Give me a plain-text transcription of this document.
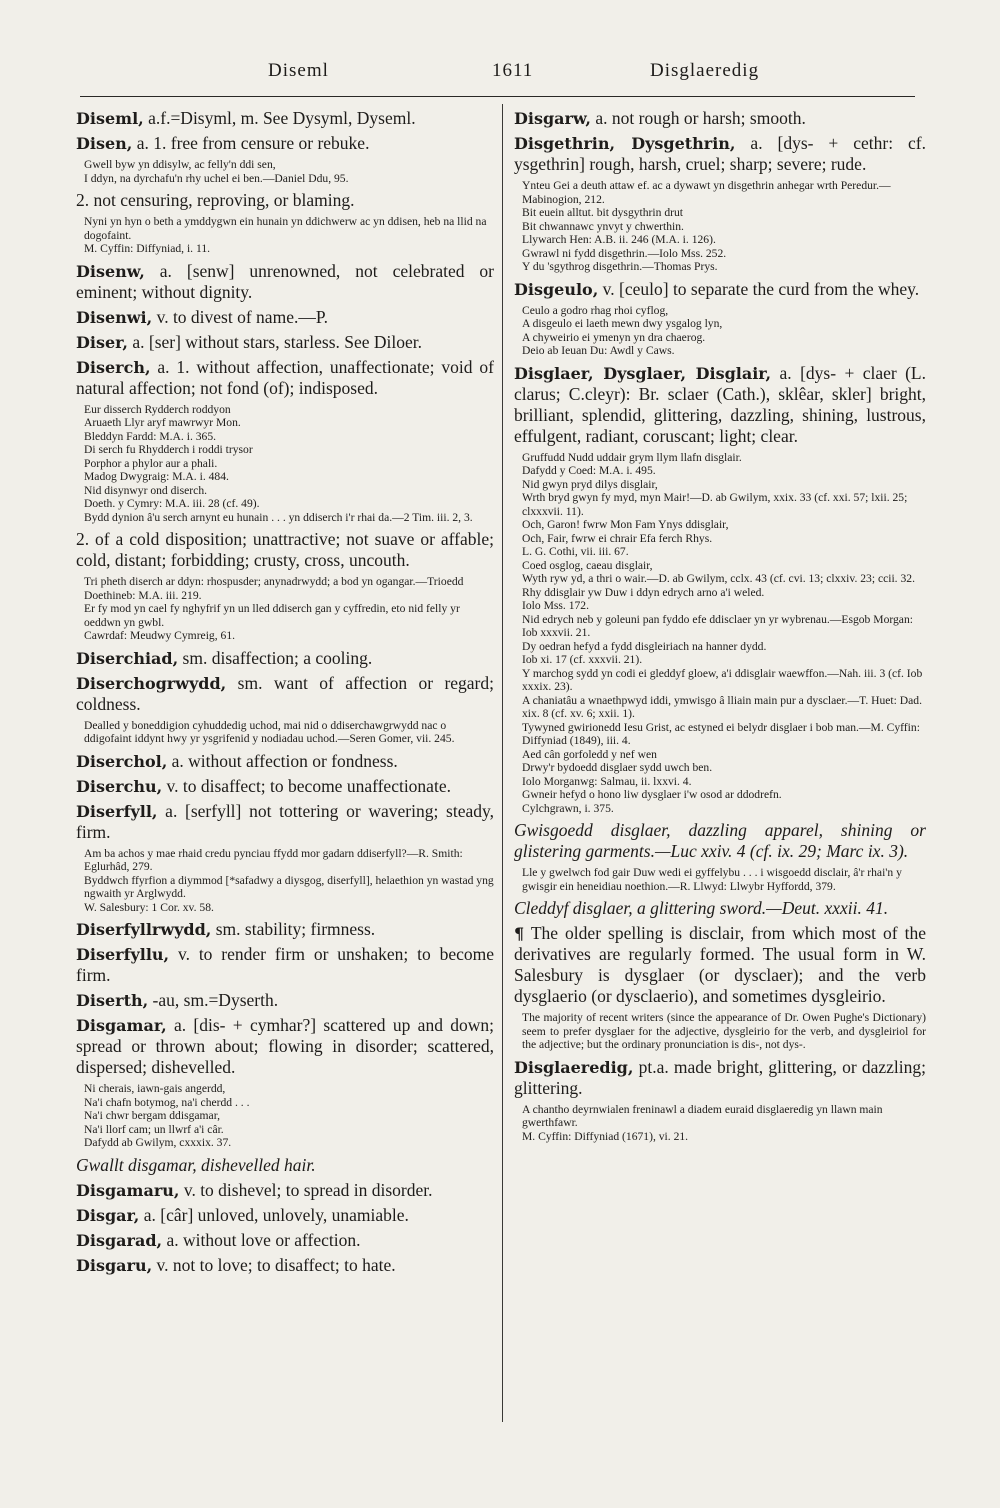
Diseml	1611	Disglaeredig
Diseml, a.f.=Disyml, m. See Dysyml, Dyseml.
Disen, a. 1. free from censure or rebuke.
Gwell byw yn ddisylw, ac felly'n ddi sen,
I ddyn, na dyrchafu'n rhy uchel ei ben.—Daniel Ddu, 95.
2. not censuring, reproving, or blaming.
Nyni yn hyn o beth a ymddygwn ein hunain yn ddichwerw ac yn ddisen, heb na llid na dogofaint.
M. Cyffin: Diffyniad, i. 11.
Disenw, a. [senw] unrenowned, not celebrated or eminent; without dignity.
Disenwi, v. to divest of name.—P.
Diser, a. [ser] without stars, starless. See Diloer.
Diserch, a. 1. without affection, unaffectionate; void of natural affection; not fond (of); indisposed.
Eur disserch Rydderch roddyon
Aruaeth Llyr aryf mawrwyr Mon.
Bleddyn Fardd: M.A. i. 365.
Di serch fu Rhydderch i roddi trysor
Porphor a phylor aur a phali.
Madog Dwygraig: M.A. i. 484.
Nid disynwyr ond diserch.
Doeth. y Cymry: M.A. iii. 28 (cf. 49).
Bydd dynion â'u serch arnynt eu hunain . . . yn ddiserch i'r rhai da.—2 Tim. iii. 2, 3.
2. of a cold disposition; unattractive; not suave or affable; cold, distant; forbidding; crusty, cross, uncouth.
Tri pheth diserch ar ddyn: rhospusder; anynadrwydd; a bod yn ogangar.—Trioedd Doethineb: M.A. iii. 219.
Er fy mod yn cael fy nghyfrif yn un lled ddiserch gan y cyffredin, eto nid felly yr oeddwn yn gwbl.
Cawrdaf: Meudwy Cymreig, 61.
Diserchiad, sm. disaffection; a cooling.
Diserchogrwydd, sm. want of affection or regard; coldness.
Dealled y boneddigion cyhuddedig uchod, mai nid o ddiserchawgrwydd nac o ddigofaint iddynt hwy yr ysgrifenid y nodiadau uchod.—Seren Gomer, vii. 245.
Diserchol, a. without affection or fondness.
Diserchu, v. to disaffect; to become unaffectionate.
Diserfyll, a. [serfyll] not tottering or wavering; steady, firm.
Am ba achos y mae rhaid credu pynciau ffydd mor gadarn ddiserfyll?—R. Smith: Eglurhâd, 279.
Byddwch ffyrfion a diymmod [*safadwy a diysgog, diserfyll], helaethion yn wastad yng ngwaith yr Arglwydd.
W. Salesbury: 1 Cor. xv. 58.
Diserfyllrwydd, sm. stability; firmness.
Diserfyllu, v. to render firm or unshaken; to become firm.
Diserth, -au, sm.=Dyserth.
Disgamar, a. [dis- + cymhar?] scattered up and down; spread or thrown about; flowing in disorder; scattered, dispersed; dishevelled.
Ni cherais, iawn-gais angerdd,
Na'i chafn botymog, na'i cherdd . . .
Na'i chwr bergam ddisgamar,
Na'i llorf cam; un llwrf a'i câr.
Dafydd ab Gwilym, cxxxix. 37.
Gwallt disgamar, dishevelled hair.
Disgamaru, v. to dishevel; to spread in disorder.
Disgar, a. [câr] unloved, unlovely, unamiable.
Disgarad, a. without love or affection.
Disgaru, v. not to love; to disaffect; to hate.
Disgarw, a. not rough or harsh; smooth.
Disgethrin, Dysgethrin, a. [dys- + cethr: cf. ysgethrin] rough, harsh, cruel; sharp; severe; rude.
Ynteu Gei a deuth attaw ef. ac a dywawt yn disgethrin anhegar wrth Peredur.—Mabinogion, 212.
Bit euein alltut. bit dysgythrin drut
Bit chwannawc ynvyt y chwerthin.
Llywarch Hen: A.B. ii. 246 (M.A. i. 126).
Gwrawl ni fydd disgethrin.—Iolo Mss. 252.
Y du 'sgythrog disgethrin.—Thomas Prys.
Disgeulo, v. [ceulo] to separate the curd from the whey.
Ceulo a godro rhag rhoi cyflog,
A disgeulo ei laeth mewn dwy ysgalog lyn,
A chyweirio ei ymenyn yn dra chaerog.
Deio ab Ieuan Du: Awdl y Caws.
Disglaer, Dysglaer, Disglair, a. [dys- + claer (L. clarus; C.cleyr): Br. sclaer (Cath.), sklêar, skler] bright, brilliant, splendid, glittering, dazzling, shining, lustrous, effulgent, radiant, coruscant; light; clear.
Gruffudd Nudd uddair grym llym llafn disglair.
Dafydd y Coed: M.A. i. 495.
Nid gwyn pryd dilys disglair,
Wrth bryd gwyn fy myd, myn Mair!—D. ab Gwilym, xxix. 33 (cf. xxi. 57; lxii. 25; clxxxvii. 11).
Och, Garon! fwrw Mon Fam Ynys ddisglair,
Och, Fair, fwrw ei chrair Efa ferch Rhys.
L. G. Cothi, vii. iii. 67.
Coed osglog, caeau disglair,
Wyth ryw yd, a thri o wair.—D. ab Gwilym, cclx. 43 (cf. cvi. 13; clxxiv. 23; ccii. 32.
Rhy ddisglair yw Duw i ddyn edrych arno a'i weled.
Iolo Mss. 172.
Nid edrych neb y goleuni pan fyddo efe ddisclaer yn yr wybrenau.—Esgob Morgan: Iob xxxvii. 21.
Dy oedran hefyd a fydd disgleiriach na hanner dydd.
Iob xi. 17 (cf. xxxvii. 21).
Y marchog sydd yn codi ei gleddyf gloew, a'i ddisglair waewffon.—Nah. iii. 3 (cf. Iob xxxix. 23).
A chaniatâu a wnaethpwyd iddi, ymwisgo â lliain main pur a dysclaer.—T. Huet: Dad. xix. 8 (cf. xv. 6; xxii. 1).
Tywyned gwirionedd Iesu Grist, ac estyned ei belydr disglaer i bob man.—M. Cyffin: Diffyniad (1849), iii. 4.
Aed cân gorfoledd y nef wen
Drwy'r bydoedd disglaer sydd uwch ben.
Iolo Morganwg: Salmau, ii. lxxvi. 4.
Gwneir hefyd o hono liw dysglaer i'w osod ar ddodrefn.
Cylchgrawn, i. 375.
Gwisgoedd disglaer, dazzling apparel, shining or glistering garments.—Luc xxiv. 4 (cf. ix. 29; Marc ix. 3).
Lle y gwelwch fod gair Duw wedi ei gyffelybu . . . i wisgoedd disclair, â'r rhai'n y gwisgir ein heneidiau noethion.—R. Llwyd: Llwybr Hyffordd, 379.
Cleddyf disglaer, a glittering sword.—Deut. xxxii. 41.
¶ The older spelling is disclair, from which most of the derivatives are regularly formed. The usual form in W. Salesbury is dysglaer (or dysclaer); and the verb dysglaerio (or dysclaerio), and sometimes dysgleirio.
The majority of recent writers (since the appearance of Dr. Owen Pughe's Dictionary) seem to prefer dysglaer for the adjective, dysgleirio for the verb, and dysgleiriol for the adjective; but the ordinary pronunciation is dis-, not dys-.
Disglaeredig, pt.a. made bright, glittering, or dazzling; glittering.
A chantho deyrnwialen freninawl a diadem euraid disglaeredig yn llawn main gwerthfawr.
M. Cyffin: Diffyniad (1671), vi. 21.
